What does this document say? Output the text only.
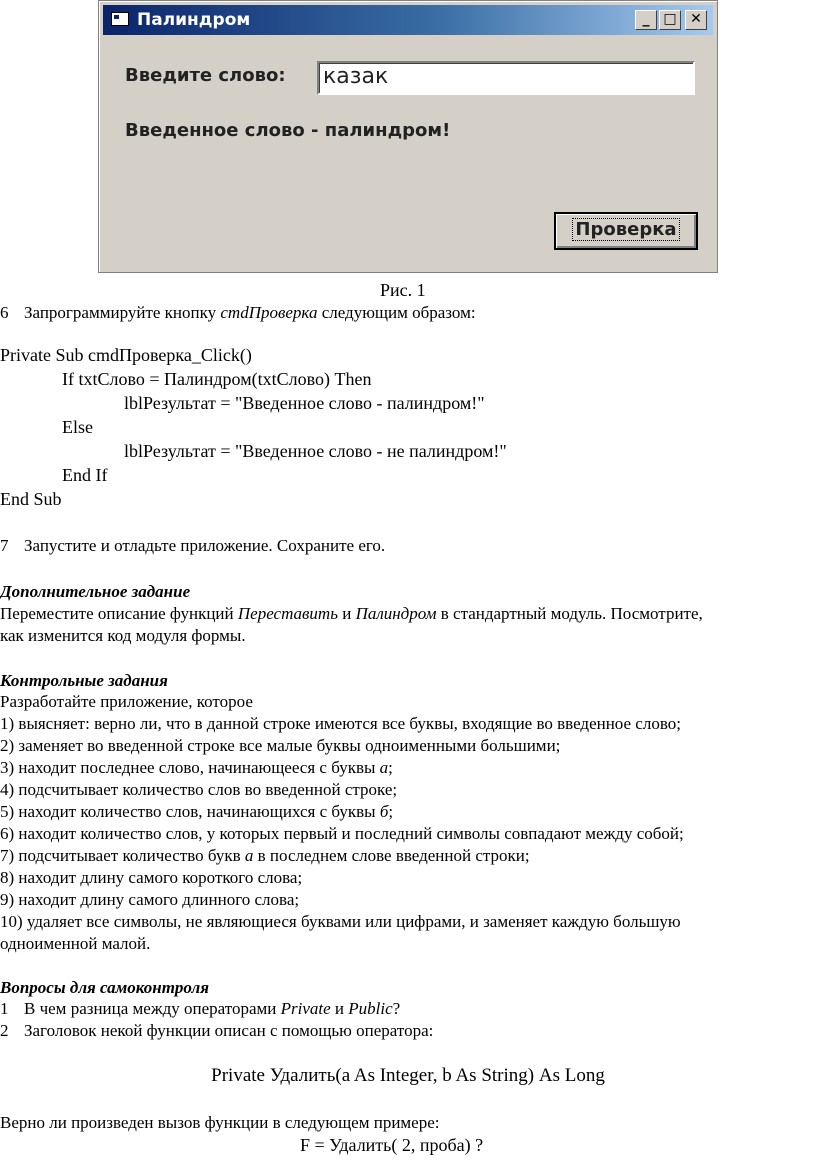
Палиндром	_ □ ✕
Введите слово: казак
Введенное слово - палиндром!
Проверка
Рис. 1
6 Запрограммируйте кнопку cmdПроверка следующим образом:
Private Sub cmdПроверка_Click()
If txtСлово = Палиндром(txtСлово) Then
lblРезультат = "Введенное слово - палиндром!"
Else
lblРезультат = "Введенное слово - не палиндром!"
End If
End Sub
7 Запустите и отладьте приложение. Сохраните его.
Дополнительное задание
Переместите описание функций Переставить и Палиндром в стандартный модуль. Посмотрите,
как изменится код модуля формы.
Контрольные задания
Разработайте приложение, которое
1) выясняет: верно ли, что в данной строке имеются все буквы, входящие во введенное слово;
2) заменяет во введенной строке все малые буквы одноименными большими;
3) находит последнее слово, начинающееся с буквы а;
4) подсчитывает количество слов во введенной строке;
5) находит количество слов, начинающихся с буквы б;
6) находит количество слов, у которых первый и последний символы совпадают между собой;
7) подсчитывает количество букв а в последнем слове введенной строки;
8) находит длину самого короткого слова;
9) находит длину самого длинного слова;
10) удаляет все символы, не являющиеся буквами или цифрами, и заменяет каждую большую
одноименной малой.
Вопросы для самоконтроля
1 В чем разница между операторами Private и Public?
2 Заголовок некой функции описан с помощью оператора:
Private Удалить(a As Integer, b As String) As Long
Верно ли произведен вызов функции в следующем примере:
F = Удалить( 2, проба) ?
